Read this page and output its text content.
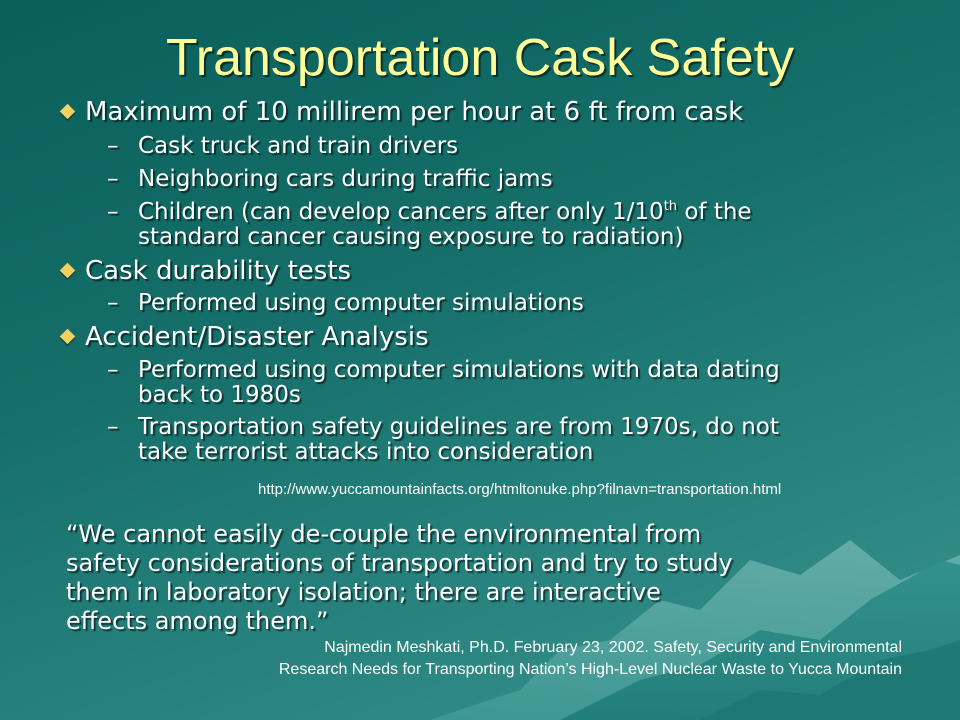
Transportation Cask Safety
Maximum of 10 millirem per hour at 6 ft from cask
– Cask truck and train drivers
– Neighboring cars during traffic jams
– Children (can develop cancers after only 1/10th of the
standard cancer causing exposure to radiation)
Cask durability tests
– Performed using computer simulations
Accident/Disaster Analysis
– Performed using computer simulations with data dating
back to 1980s
– Transportation safety guidelines are from 1970s, do not
take terrorist attacks into consideration
http://www.yuccamountainfacts.org/htmltonuke.php?filnavn=transportation.html
“We cannot easily de-couple the environmental from
safety considerations of transportation and try to study
them in laboratory isolation; there are interactive
effects among them.”
Najmedin Meshkati, Ph.D. February 23, 2002. Safety, Security and Environmental
Research Needs for Transporting Nation’s High-Level Nuclear Waste to Yucca Mountain
